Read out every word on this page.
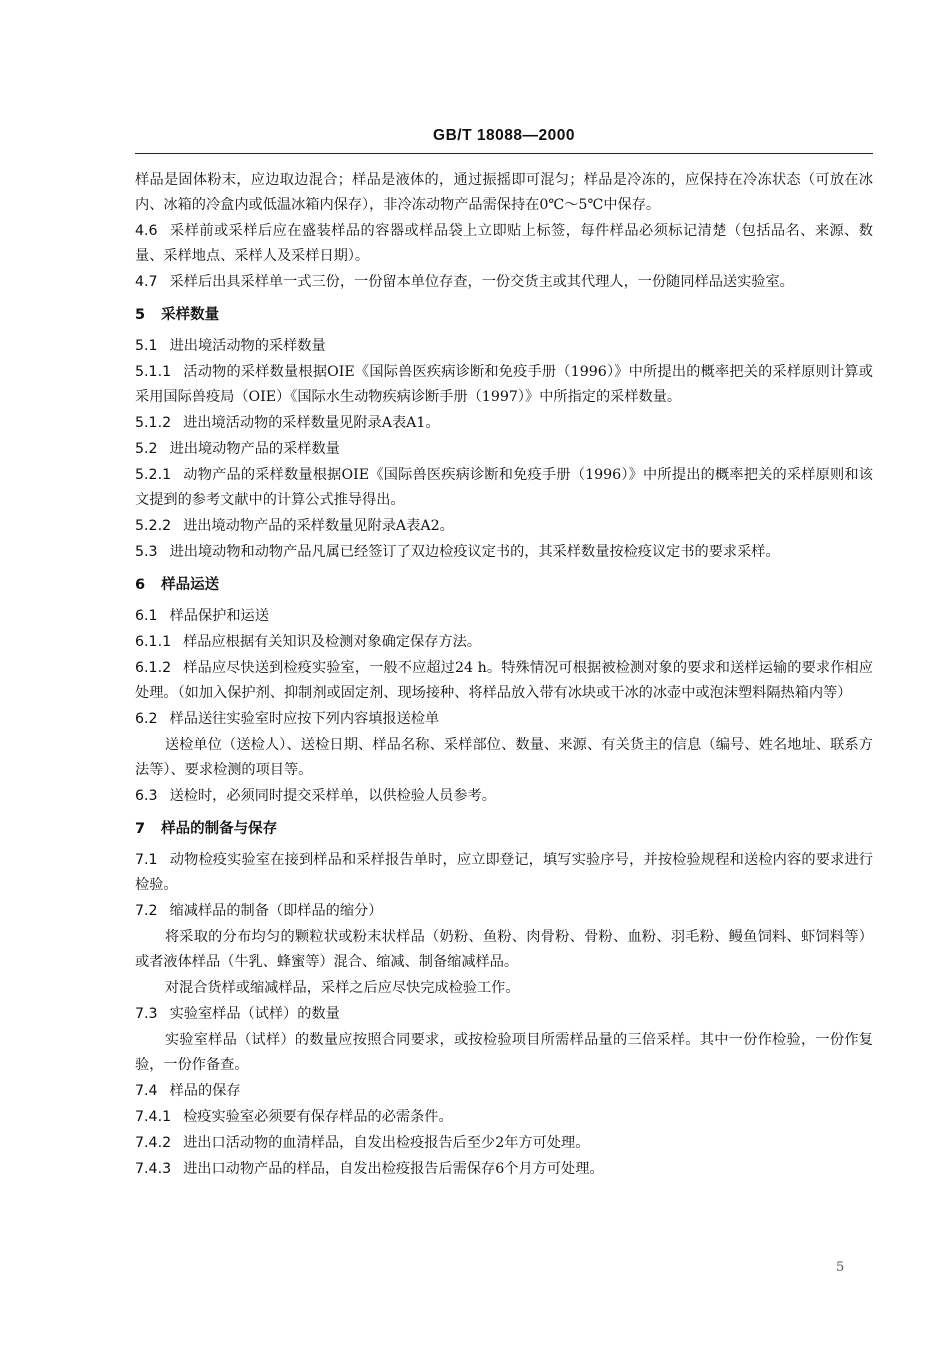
GB/T 18088—2000
样品是固体粉末，应边取边混合；样品是液体的，通过振摇即可混匀；样品是冷冻的，应保持在冷冻状态（可放在冰内、冰箱的冷盒内或低温冰箱内保存），非冷冻动物产品需保持在0℃～5℃中保存。
4.6 采样前或采样后应在盛装样品的容器或样品袋上立即贴上标签，每件样品必须标记清楚（包括品名、来源、数量、采样地点、采样人及采样日期）。
4.7 采样后出具采样单一式三份，一份留本单位存查，一份交货主或其代理人，一份随同样品送实验室。
5 采样数量
5.1 进出境活动物的采样数量
5.1.1 活动物的采样数量根据OIE《国际兽医疾病诊断和免疫手册（1996）》中所提出的概率把关的采样原则计算或采用国际兽疫局（OIE）《国际水生动物疾病诊断手册（1997）》中所指定的采样数量。
5.1.2 进出境活动物的采样数量见附录A表A1。
5.2 进出境动物产品的采样数量
5.2.1 动物产品的采样数量根据OIE《国际兽医疾病诊断和免疫手册（1996）》中所提出的概率把关的采样原则和该文提到的参考文献中的计算公式推导得出。
5.2.2 进出境动物产品的采样数量见附录A表A2。
5.3 进出境动物和动物产品凡属已经签订了双边检疫议定书的，其采样数量按检疫议定书的要求采样。
6 样品运送
6.1 样品保护和运送
6.1.1 样品应根据有关知识及检测对象确定保存方法。
6.1.2 样品应尽快送到检疫实验室，一般不应超过24 h。特殊情况可根据被检测对象的要求和送样运输的要求作相应处理。（如加入保护剂、抑制剂或固定剂、现场接种、将样品放入带有冰块或干冰的冰壶中或泡沫塑料隔热箱内等）
6.2 样品送往实验室时应按下列内容填报送检单
送检单位（送检人）、送检日期、样品名称、采样部位、数量、来源、有关货主的信息（编号、姓名地址、联系方法等）、要求检测的项目等。
6.3 送检时，必须同时提交采样单，以供检验人员参考。
7 样品的制备与保存
7.1 动物检疫实验室在接到样品和采样报告单时，应立即登记，填写实验序号，并按检验规程和送检内容的要求进行检验。
7.2 缩减样品的制备（即样品的缩分）
将采取的分布均匀的颗粒状或粉末状样品（奶粉、鱼粉、肉骨粉、骨粉、血粉、羽毛粉、鳗鱼饲料、虾饲料等）或者液体样品（牛乳、蜂蜜等）混合、缩减、制备缩减样品。
对混合货样或缩减样品，采样之后应尽快完成检验工作。
7.3 实验室样品（试样）的数量
实验室样品（试样）的数量应按照合同要求，或按检验项目所需样品量的三倍采样。其中一份作检验，一份作复验，一份作备查。
7.4 样品的保存
7.4.1 检疫实验室必须要有保存样品的必需条件。
7.4.2 进出口活动物的血清样品，自发出检疫报告后至少2年方可处理。
7.4.3 进出口动物产品的样品，自发出检疫报告后需保存6个月方可处理。
5
